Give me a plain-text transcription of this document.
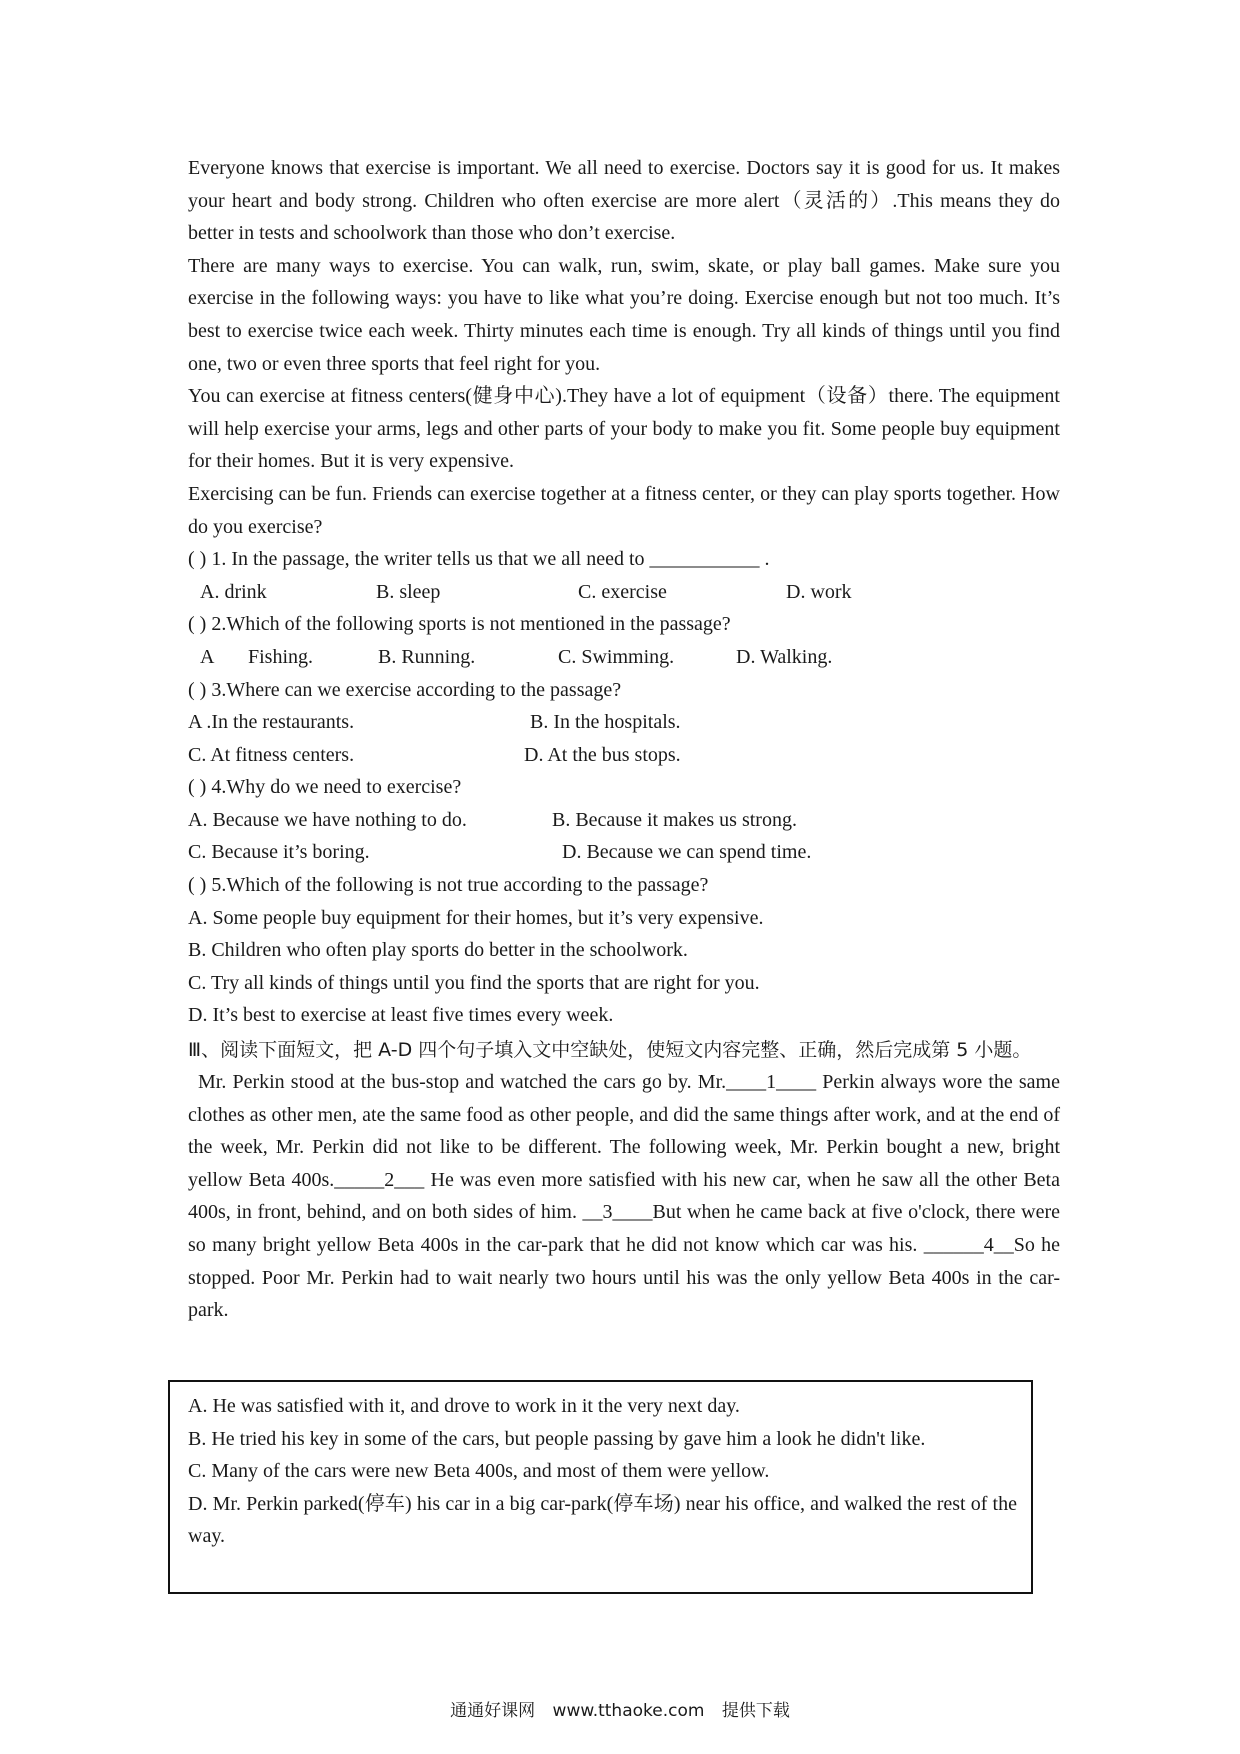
Everyone knows that exercise is important. We all need to exercise. Doctors say it is good for us. It makes your heart and body strong. Children who often exercise are more alert（灵活的）.This means they do better in tests and schoolwork than those who don’t exercise.

There are many ways to exercise. You can walk, run, swim, skate, or play ball games. Make sure you exercise in the following ways: you have to like what you’re doing. Exercise enough but not too much. It’s best to exercise twice each week. Thirty minutes each time is enough. Try all kinds of things until you find one, two or even three sports that feel right for you.

You can exercise at fitness centers(健身中心).They have a lot of equipment（设备）there. The equipment will help exercise your arms, legs and other parts of your body to make you fit. Some people buy equipment for their homes. But it is very expensive.

Exercising can be fun. Friends can exercise together at a fitness center, or they can play sports together. How do you exercise?

( ) 1. In the passage, the writer tells us that we all need to ___________ .

A. drink	B. sleep	C. exercise	D. work

( ) 2.Which of the following sports is not mentioned in the passage?

A Fishing.	B. Running.	C. Swimming.	D. Walking.

( ) 3.Where can we exercise according to the passage?

A .In the restaurants.	B. In the hospitals.
C. At fitness centers.	D. At the bus stops.

( ) 4.Why do we need to exercise?

A. Because we have nothing to do.	B. Because it makes us strong.
C. Because it’s boring.	D. Because we can spend time.

( ) 5.Which of the following is not true according to the passage?

A. Some people buy equipment for their homes, but it’s very expensive.

B. Children who often play sports do better in the schoolwork.

C. Try all kinds of things until you find the sports that are right for you.

D. It’s best to exercise at least five times every week.

Ⅲ、阅读下面短文，把 A-D 四个句子填入文中空缺处，使短文内容完整、正确，然后完成第 5 小题。

Mr. Perkin stood at the bus-stop and watched the cars go by. Mr.____1____ Perkin always wore the same clothes as other men, ate the same food as other people, and did the same things after work, and at the end of the week, Mr. Perkin did not like to be different. The following week, Mr. Perkin bought a new, bright yellow Beta 400s._____2___ He was even more satisfied with his new car, when he saw all the other Beta 400s, in front, behind, and on both sides of him. __3____But when he came back at five o'clock, there were so many bright yellow Beta 400s in the car-park that he did not know which car was his. ______4__So he stopped. Poor Mr. Perkin had to wait nearly two hours until his was the only yellow Beta 400s in the car-park.

A. He was satisfied with it, and drove to work in it the very next day.

B. He tried his key in some of the cars, but people passing by gave him a look he didn't like.

C. Many of the cars were new Beta 400s, and most of them were yellow.

D. Mr. Perkin parked(停车) his car in a big car-park(停车场) near his office, and walked the rest of the way.

通通好课网 www.tthaoke.com 提供下载
